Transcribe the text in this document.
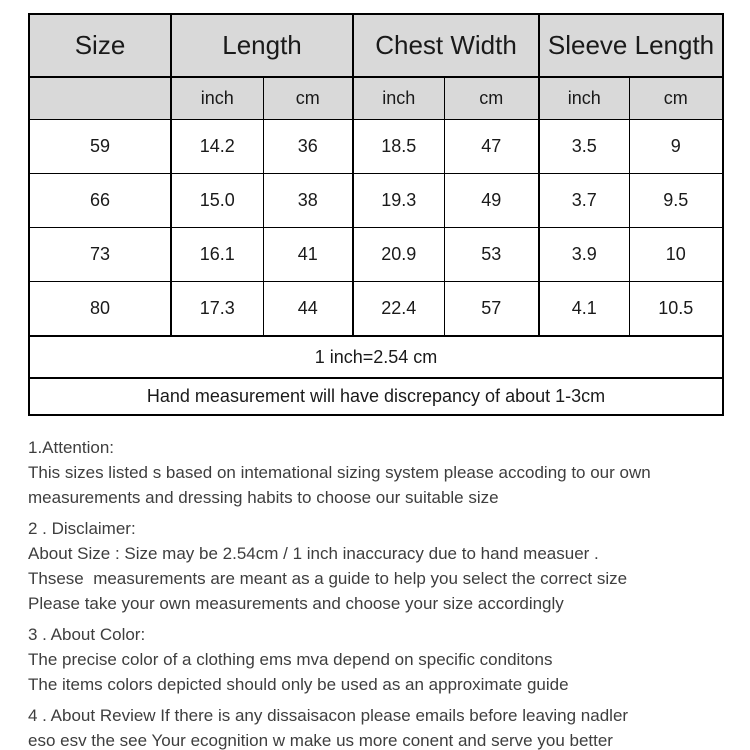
Size	Length		Chest Width		Sleeve Length	
	inch	cm	inch	cm	inch	cm
59	14.2	36	18.5	47	3.5	9
66	15.0	38	19.3	49	3.7	9.5
73	16.1	41	20.9	53	3.9	10
80	17.3	44	22.4	57	4.1	10.5
1 inch=2.54 cm						
Hand measurement will have discrepancy of about 1-3cm						
1.Attention:
This sizes listed s based on intemational sizing system please accoding to our own
measurements and dressing habits to choose our suitable size
2 . Disclaimer:
About Size : Size may be 2.54cm / 1 inch inaccuracy due to hand measuer .
Thsese  measurements are meant as a guide to help you select the correct size
Please take your own measurements and choose your size accordingly
3 . About Color:
The precise color of a clothing ems mva depend on specific conditons
The items colors depicted should only be used as an approximate guide
4 . About Review If there is any dissaisacon please emails before leaving nadler
eso esv the see Your ecognition w make us more conent and serve you better
